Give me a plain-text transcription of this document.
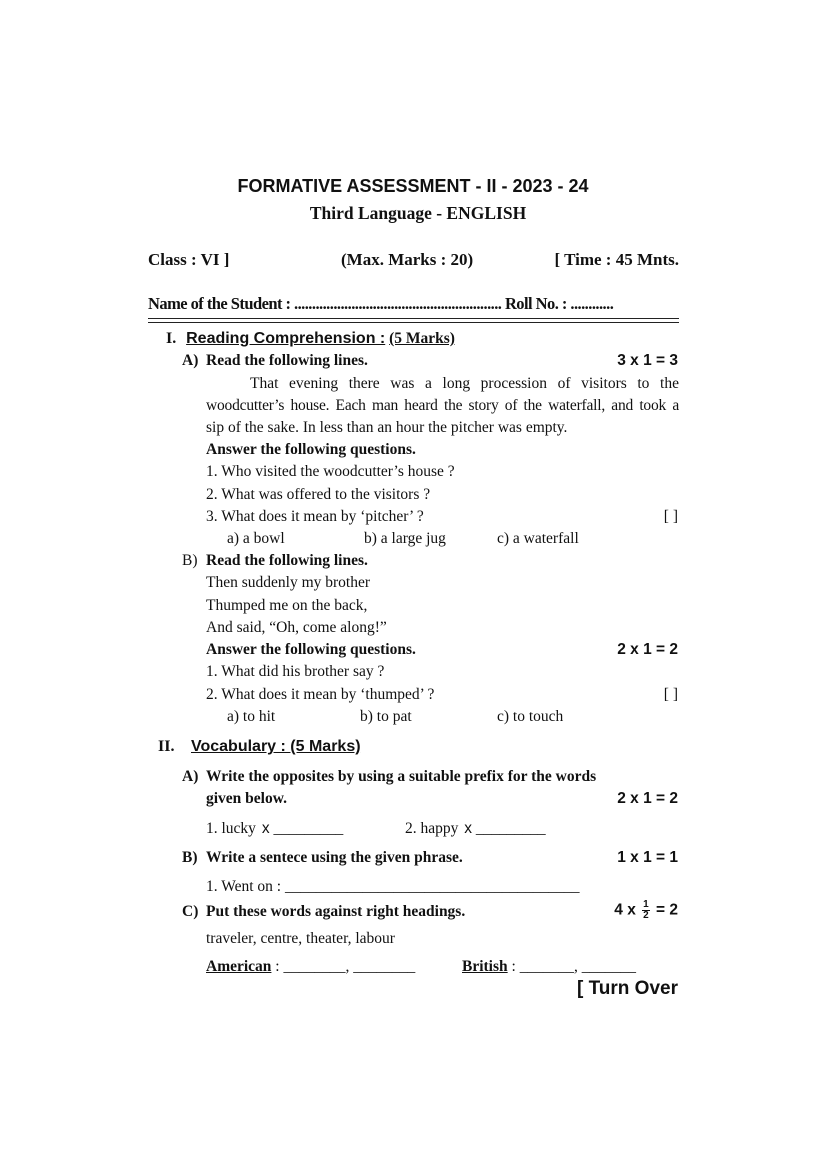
FORMATIVE ASSESSMENT - II - 2023 - 24
Third Language - ENGLISH
Class : VI ]	(Max. Marks : 20)	[ Time : 45 Mnts.
Name of the Student : .......................................................... Roll No. : ............
I. Reading Comprehension : (5 Marks)
A) Read the following lines.	3 x 1 = 3
That evening there was a long procession of visitors to the
woodcutter’s house. Each man heard the story of the waterfall, and took a
sip of the sake. In less than an hour the pitcher was empty.
Answer the following questions.
1. Who visited the woodcutter’s house ?
2. What was offered to the visitors ?
3. What does it mean by ‘pitcher’ ?	[ ]
a) a bowl	b) a large jug	c) a waterfall
B) Read the following lines.
Then suddenly my brother
Thumped me on the back,
And said, “Oh, come along!”
Answer the following questions.	2 x 1 = 2
1. What did his brother say ?
2. What does it mean by ‘thumped’ ?	[ ]
a) to hit	b) to pat	c) to touch
II. Vocabulary : (5 Marks)
A) Write the opposites by using a suitable prefix for the words
given below.	2 x 1 = 2
1. lucky x _________	2. happy x _________
B) Write a sentece using the given phrase.	1 x 1 = 1
1. Went on : ______________________________________
C) Put these words against right headings.	4 x $\frac{1}{2} = 2$
traveler, centre, theater, labour
American : ________, ________	British : _______, _______
[ Turn Over
